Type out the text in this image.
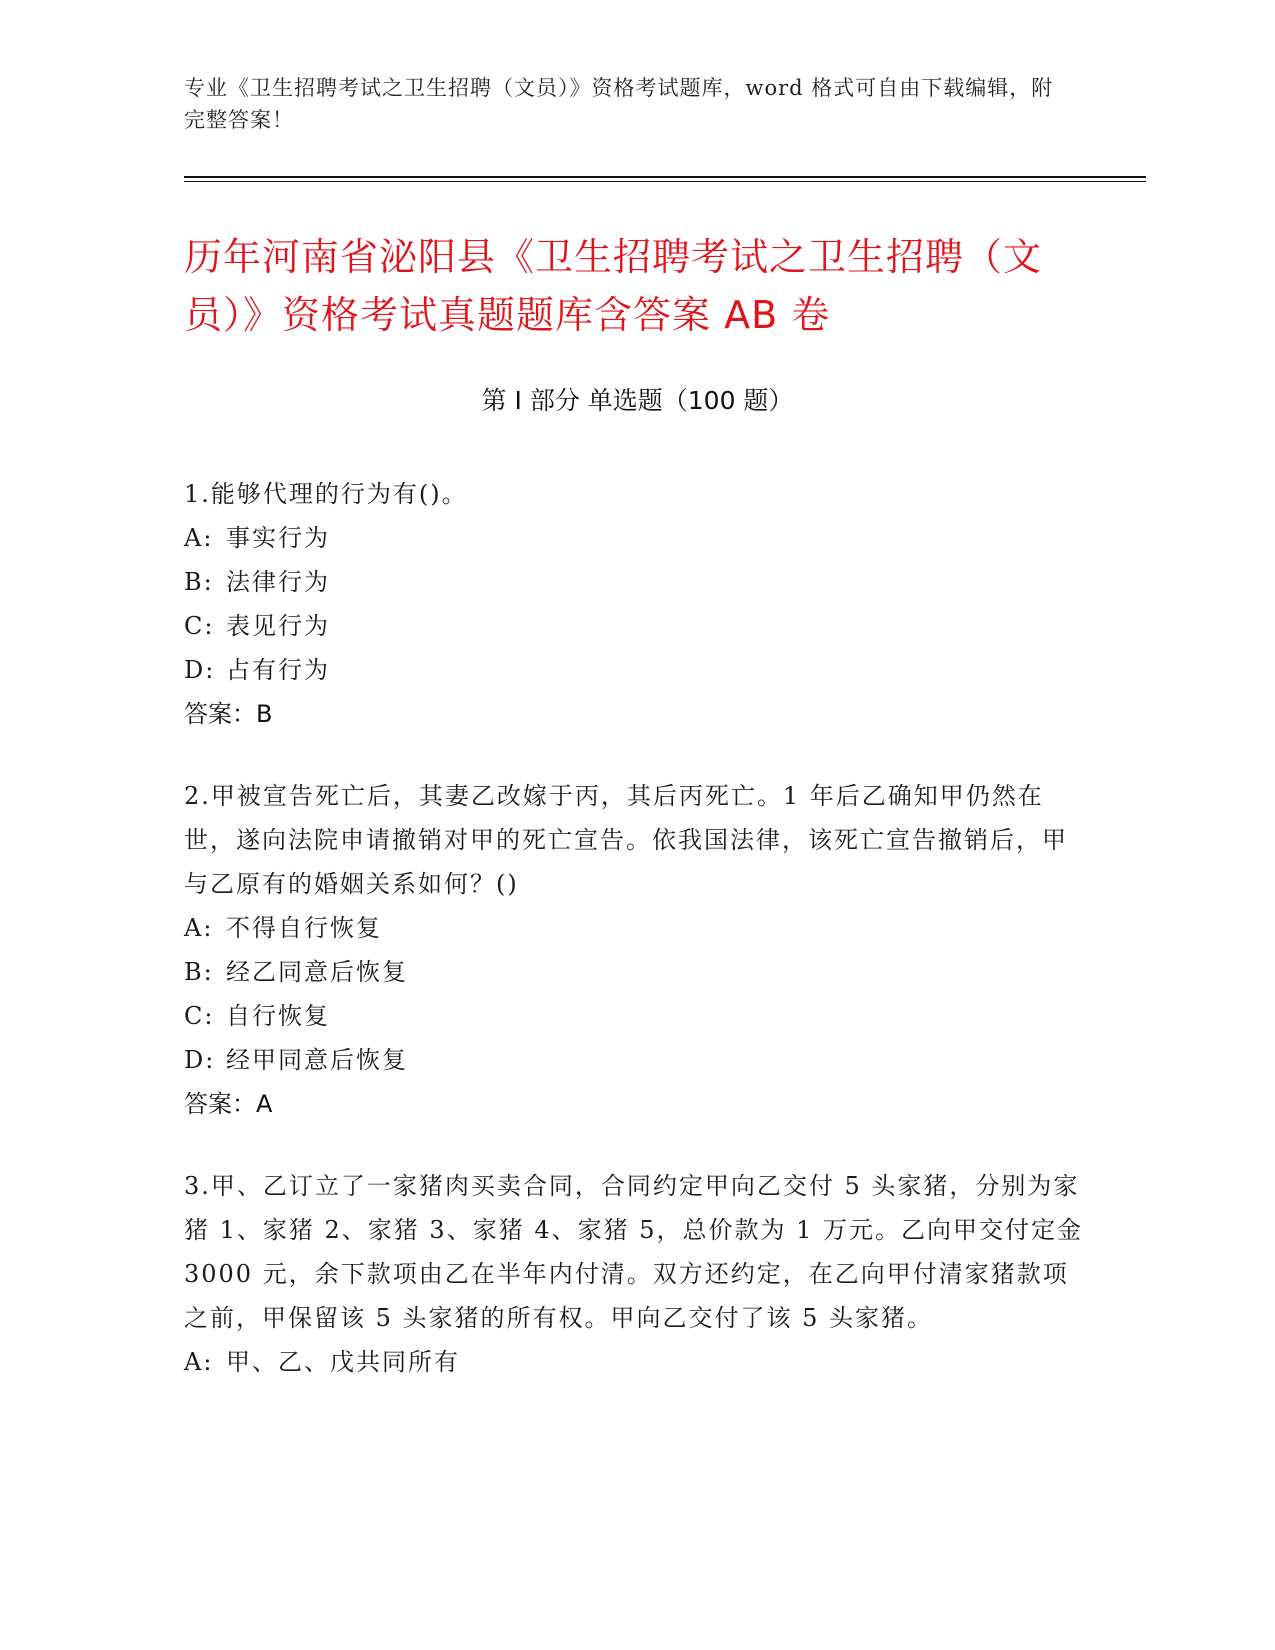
专业《卫生招聘考试之卫生招聘（文员）》资格考试题库，word 格式可自由下载编辑，附完整答案！
历年河南省泌阳县《卫生招聘考试之卫生招聘（文员）》资格考试真题题库含答案 AB 卷
第 I 部分 单选题（100 题）

1.能够代理的行为有()。

A: 事实行为

B: 法律行为

C: 表见行为

D: 占有行为

答案：B

2.甲被宣告死亡后，其妻乙改嫁于丙，其后丙死亡。1 年后乙确知甲仍然在世，遂向法院申请撤销对甲的死亡宣告。依我国法律，该死亡宣告撤销后，甲与乙原有的婚姻关系如何？()

A: 不得自行恢复

B: 经乙同意后恢复

C: 自行恢复

D: 经甲同意后恢复

答案：A

3.甲、乙订立了一家猪肉买卖合同，合同约定甲向乙交付 5 头家猪，分别为家猪 1、家猪 2、家猪 3、家猪 4、家猪 5，总价款为 1 万元。乙向甲交付定金 3000 元，余下款项由乙在半年内付清。双方还约定，在乙向甲付清家猪款项之前，甲保留该 5 头家猪的所有权。甲向乙交付了该 5 头家猪。

A: 甲、乙、戊共同所有
